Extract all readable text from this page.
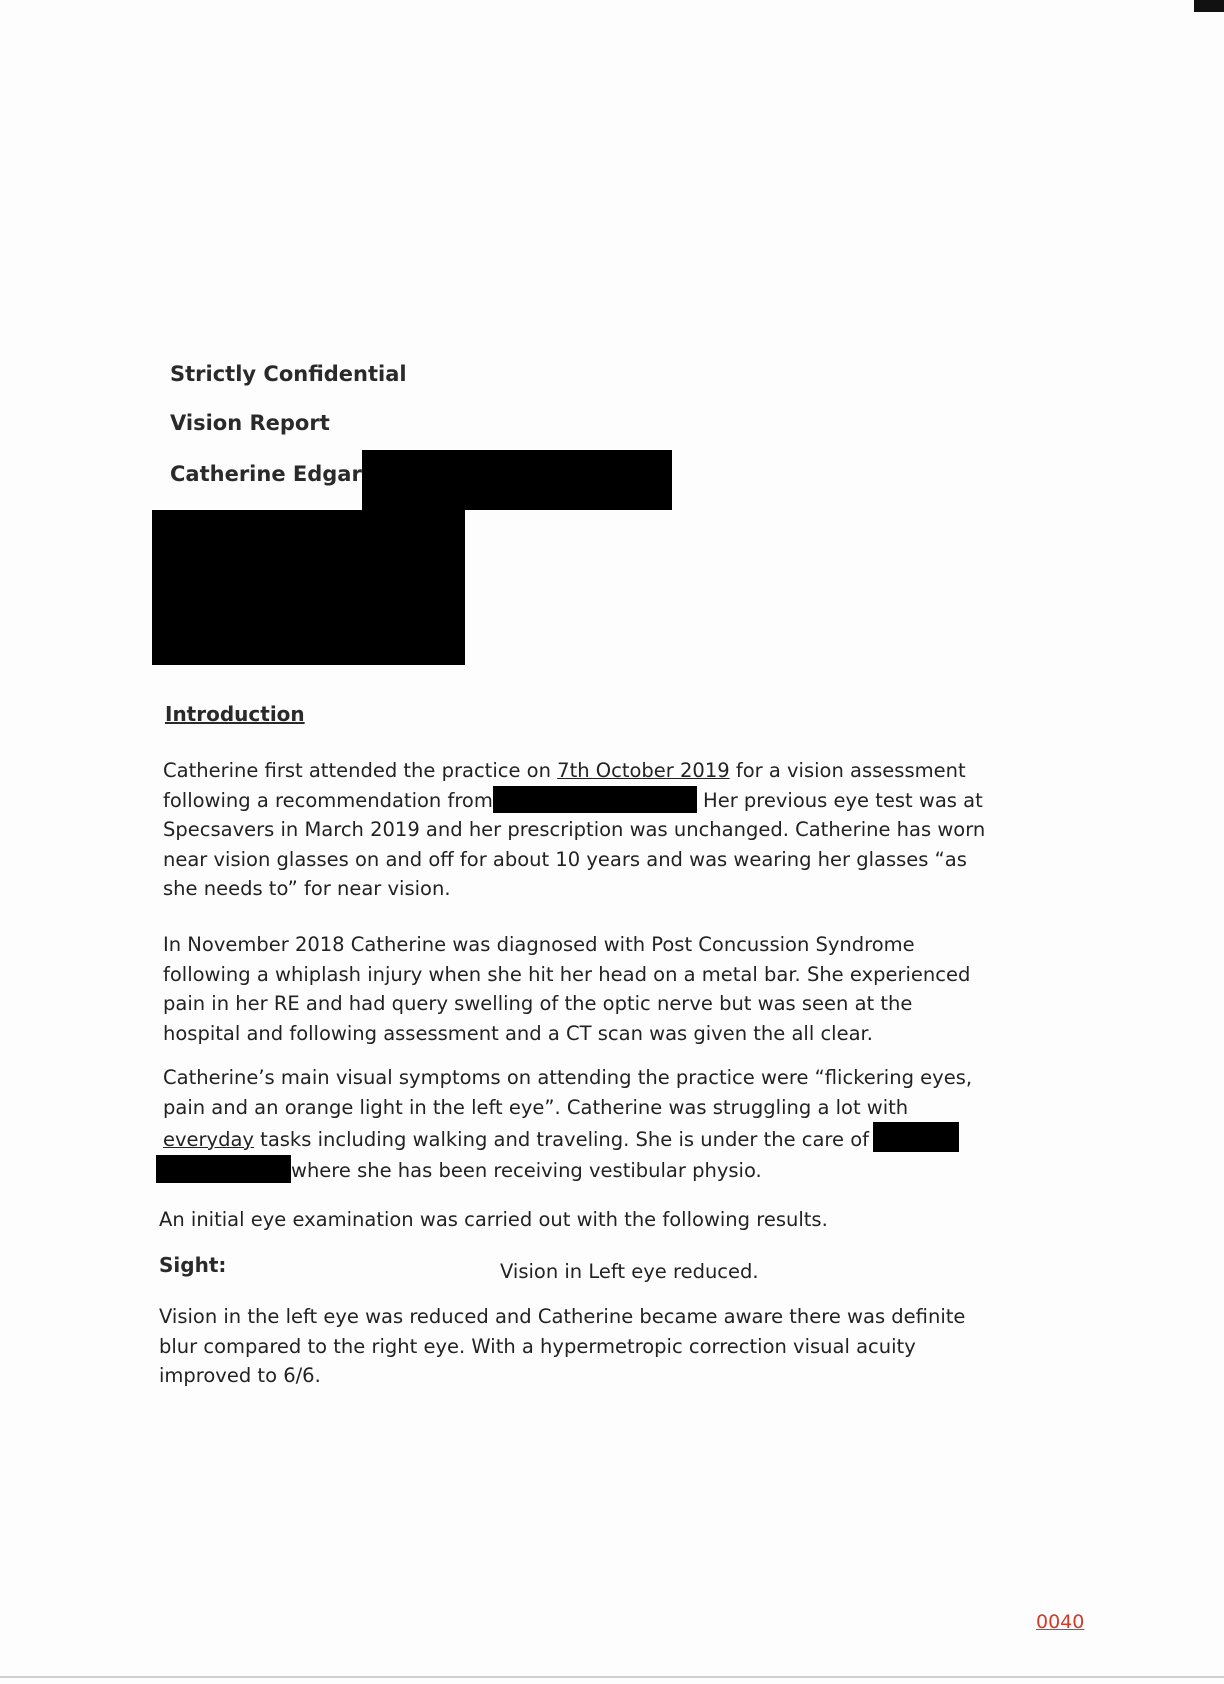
Strictly Confidential
Vision Report
Catherine Edgar
Introduction
Catherine first attended the practice on 7th October 2019 for a vision assessment
following a recommendation from	Her previous eye test was at
Specsavers in March 2019 and her prescription was unchanged. Catherine has worn
near vision glasses on and off for about 10 years and was wearing her glasses “as
she needs to” for near vision.
In November 2018 Catherine was diagnosed with Post Concussion Syndrome
following a whiplash injury when she hit her head on a metal bar. She experienced
pain in her RE and had query swelling of the optic nerve but was seen at the
hospital and following assessment and a CT scan was given the all clear.
Catherine’s main visual symptoms on attending the practice were “flickering eyes,
pain and an orange light in the left eye”. Catherine was struggling a lot with
everyday tasks including walking and traveling. She is under the care of
where she has been receiving vestibular physio.
An initial eye examination was carried out with the following results.
Sight:	Vision in Left eye reduced.
Vision in the left eye was reduced and Catherine became aware there was definite
blur compared to the right eye. With a hypermetropic correction visual acuity
improved to 6/6.
0040
